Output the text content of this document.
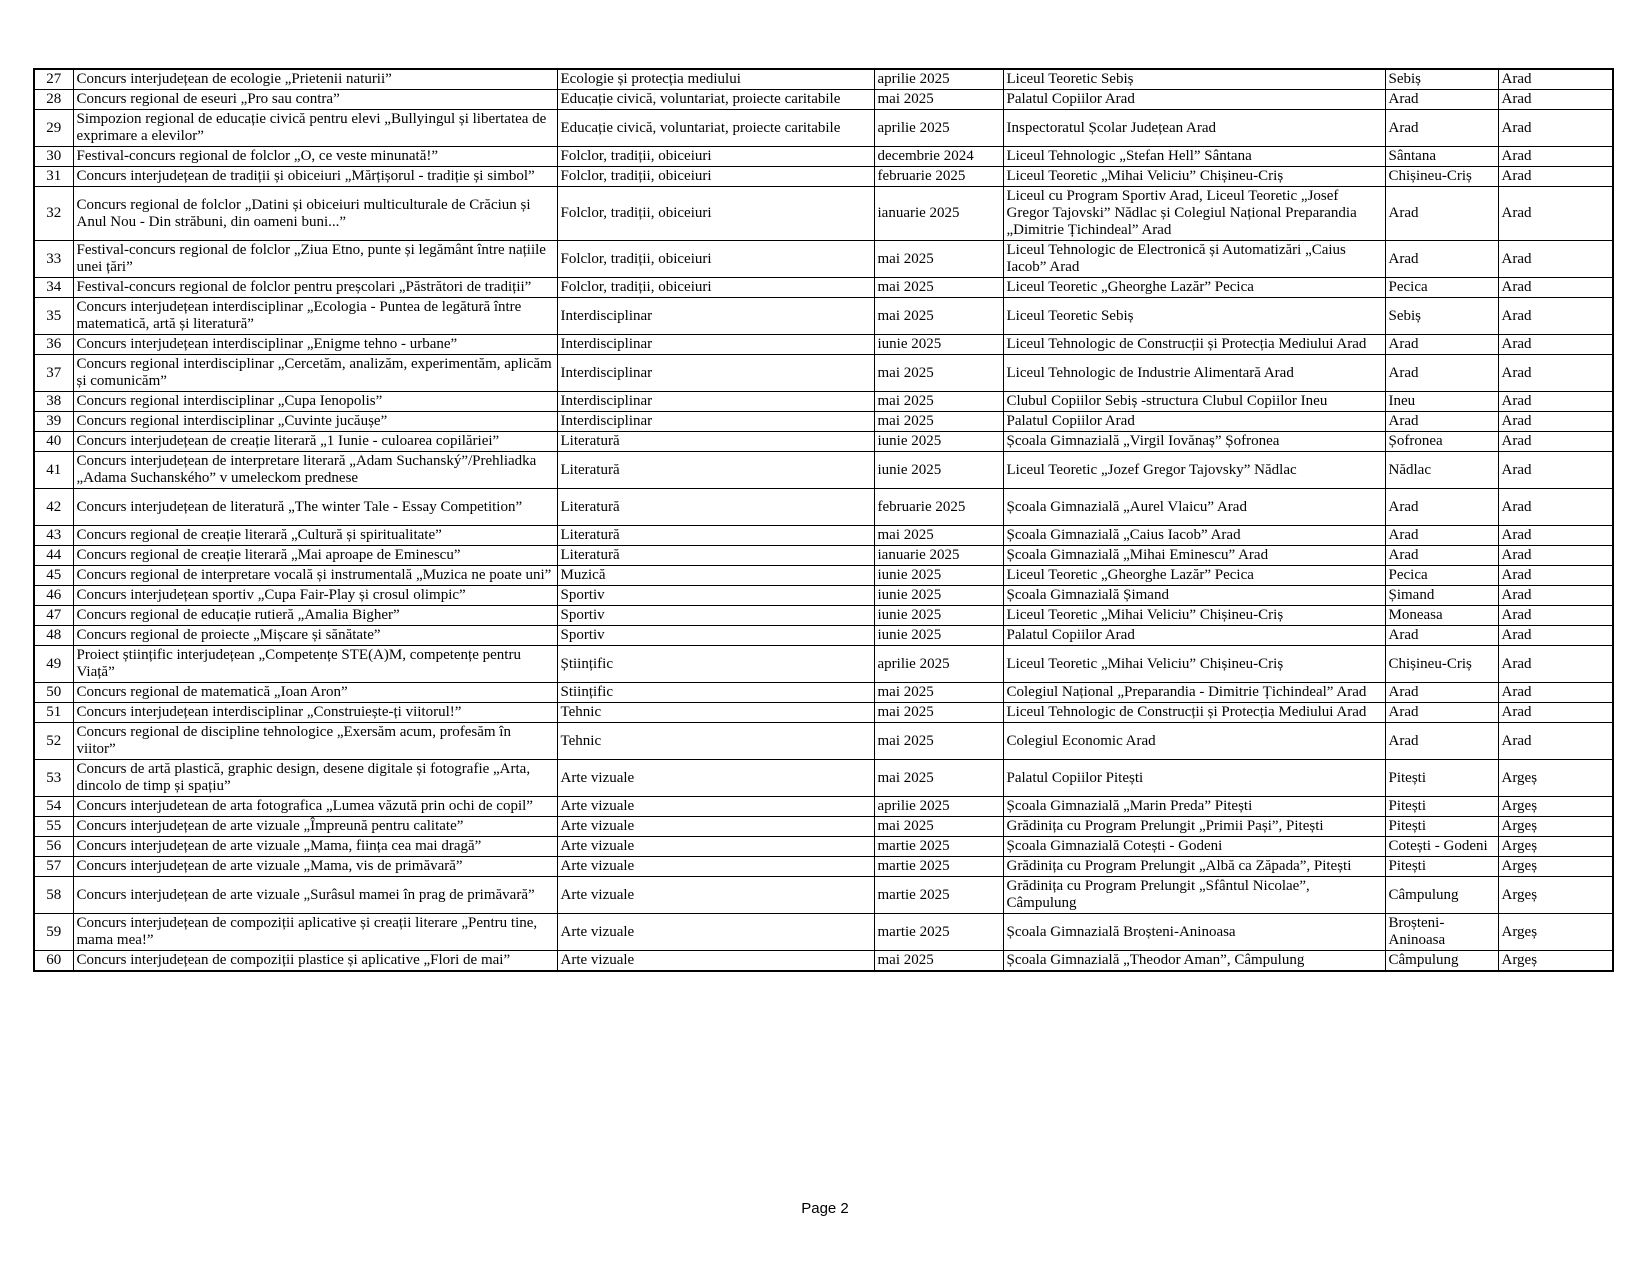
27	Concurs interjudețean de ecologie „Prietenii naturii”	Ecologie și protecția mediului	aprilie 2025	Liceul Teoretic Sebiș	Sebiș	Arad
28	Concurs regional de eseuri „Pro sau contra”	Educație civică, voluntariat, proiecte caritabile	mai 2025	Palatul Copiilor Arad	Arad	Arad
29	Simpozion regional de educație civică pentru elevi „Bullyingul și libertatea de exprimare a elevilor”	Educație civică, voluntariat, proiecte caritabile	aprilie 2025	Inspectoratul Școlar Județean Arad	Arad	Arad
30	Festival-concurs regional de folclor „O, ce veste minunată!”	Folclor, tradiții, obiceiuri	decembrie 2024	Liceul Tehnologic „Stefan Hell” Sântana	Sântana	Arad
31	Concurs interjudețean de tradiții și obiceiuri „Mărțișorul - tradiție și simbol”	Folclor, tradiții, obiceiuri	februarie 2025	Liceul Teoretic „Mihai Veliciu” Chișineu-Criș	Chișineu-Criș	Arad
32	Concurs regional de folclor „Datini și obiceiuri multiculturale de Crăciun și Anul Nou - Din străbuni, din oameni buni...”	Folclor, tradiții, obiceiuri	ianuarie 2025	Liceul cu Program Sportiv Arad, Liceul Teoretic „Josef Gregor Tajovski” Nădlac și Colegiul Național Preparandia „Dimitrie Țichindeal” Arad	Arad	Arad
33	Festival-concurs regional de folclor „Ziua Etno, punte și legământ între națiile unei țări”	Folclor, tradiții, obiceiuri	mai 2025	Liceul Tehnologic de Electronică și Automatizări „Caius Iacob” Arad	Arad	Arad
34	Festival-concurs regional de folclor pentru preșcolari „Păstrători de tradiții”	Folclor, tradiții, obiceiuri	mai 2025	Liceul Teoretic „Gheorghe Lazăr” Pecica	Pecica	Arad
35	Concurs interjudețean interdisciplinar „Ecologia - Puntea de legătură între matematică, artă și literatură”	Interdisciplinar	mai 2025	Liceul Teoretic Sebiș	Sebiș	Arad
36	Concurs interjudețean interdisciplinar „Enigme tehno - urbane”	Interdisciplinar	iunie 2025	Liceul Tehnologic de Construcții și Protecția Mediului Arad	Arad	Arad
37	Concurs regional interdisciplinar „Cercetăm, analizăm, experimentăm, aplicăm și comunicăm”	Interdisciplinar	mai 2025	Liceul Tehnologic de Industrie Alimentară Arad	Arad	Arad
38	Concurs regional interdisciplinar „Cupa Ienopolis”	Interdisciplinar	mai 2025	Clubul Copiilor Sebiș -structura Clubul Copiilor Ineu	Ineu	Arad
39	Concurs regional interdisciplinar „Cuvinte jucăușe”	Interdisciplinar	mai 2025	Palatul Copiilor Arad	Arad	Arad
40	Concurs interjudețean de creație literară „1 Iunie - culoarea copilăriei”	Literatură	iunie 2025	Școala Gimnazială „Virgil Iovănaș” Șofronea	Șofronea	Arad
41	Concurs interjudețean de interpretare literară „Adam Suchanský”/Prehliadka „Adama Suchanského” v umeleckom prednese	Literatură	iunie 2025	Liceul Teoretic „Jozef Gregor Tajovsky” Nădlac	Nădlac	Arad
42	Concurs interjudețean de literatură „The winter Tale - Essay Competition”	Literatură	februarie 2025	Școala Gimnazială „Aurel Vlaicu” Arad	Arad	Arad
43	Concurs regional de creație literară „Cultură și spiritualitate”	Literatură	mai 2025	Școala Gimnazială „Caius Iacob” Arad	Arad	Arad
44	Concurs regional de creație literară „Mai aproape de Eminescu”	Literatură	ianuarie 2025	Școala Gimnazială „Mihai Eminescu” Arad	Arad	Arad
45	Concurs regional de interpretare vocală și instrumentală „Muzica ne poate uni”	Muzică	iunie 2025	Liceul Teoretic „Gheorghe Lazăr” Pecica	Pecica	Arad
46	Concurs interjudețean sportiv „Cupa Fair-Play și crosul olimpic”	Sportiv	iunie 2025	Școala Gimnazială Șimand	Șimand	Arad
47	Concurs regional de educație rutieră „Amalia Bigher”	Sportiv	iunie 2025	Liceul Teoretic „Mihai Veliciu” Chișineu-Criș	Moneasa	Arad
48	Concurs regional de proiecte „Mișcare și sănătate”	Sportiv	iunie 2025	Palatul Copiilor Arad	Arad	Arad
49	Proiect științific interjudețean „Competențe STE(A)M, competențe pentru Viață”	Științific	aprilie 2025	Liceul Teoretic „Mihai Veliciu” Chișineu-Criș	Chișineu-Criș	Arad
50	Concurs regional de matematică „Ioan Aron”	Stiințific	mai 2025	Colegiul Național „Preparandia - Dimitrie Țichindeal” Arad	Arad	Arad
51	Concurs interjudețean interdisciplinar „Construiește-ți viitorul!”	Tehnic	mai 2025	Liceul Tehnologic de Construcții și Protecția Mediului Arad	Arad	Arad
52	Concurs regional de discipline tehnologice „Exersăm acum, profesăm în viitor”	Tehnic	mai 2025	Colegiul Economic Arad	Arad	Arad
53	Concurs de artă plastică, graphic design, desene digitale și fotografie „Arta, dincolo de timp și spațiu”	Arte vizuale	mai 2025	Palatul Copiilor Pitești	Pitești	Argeș
54	Concurs interjudetean de arta fotografica „Lumea văzută prin ochi de copil”	Arte vizuale	aprilie 2025	Școala Gimnazială „Marin Preda” Pitești	Pitești	Argeș
55	Concurs interjudețean de arte vizuale „Împreună pentru calitate”	Arte vizuale	mai 2025	Grădinița cu Program Prelungit „Primii Pași”, Pitești	Pitești	Argeș
56	Concurs interjudețean de arte vizuale „Mama, ființa cea mai dragă”	Arte vizuale	martie 2025	Școala Gimnazială Cotești - Godeni	Cotești - Godeni	Argeș
57	Concurs interjudețean de arte vizuale „Mama, vis de primăvară”	Arte vizuale	martie 2025	Grădinița cu Program Prelungit „Albă ca Zăpada”, Pitești	Pitești	Argeș
58	Concurs interjudețean de arte vizuale „Surâsul mamei în prag de primăvară”	Arte vizuale	martie 2025	Grădinița cu Program Prelungit „Sfântul Nicolae”, Câmpulung	Câmpulung	Argeș
59	Concurs interjudețean de compoziții aplicative și creații literare „Pentru tine, mama mea!”	Arte vizuale	martie 2025	Școala Gimnazială Broșteni-Aninoasa	Broșteni-Aninoasa	Argeș
60	Concurs interjudețean de compoziții plastice și aplicative „Flori de mai”	Arte vizuale	mai 2025	Școala Gimnazială „Theodor Aman”, Câmpulung	Câmpulung	Argeș
Page 2
